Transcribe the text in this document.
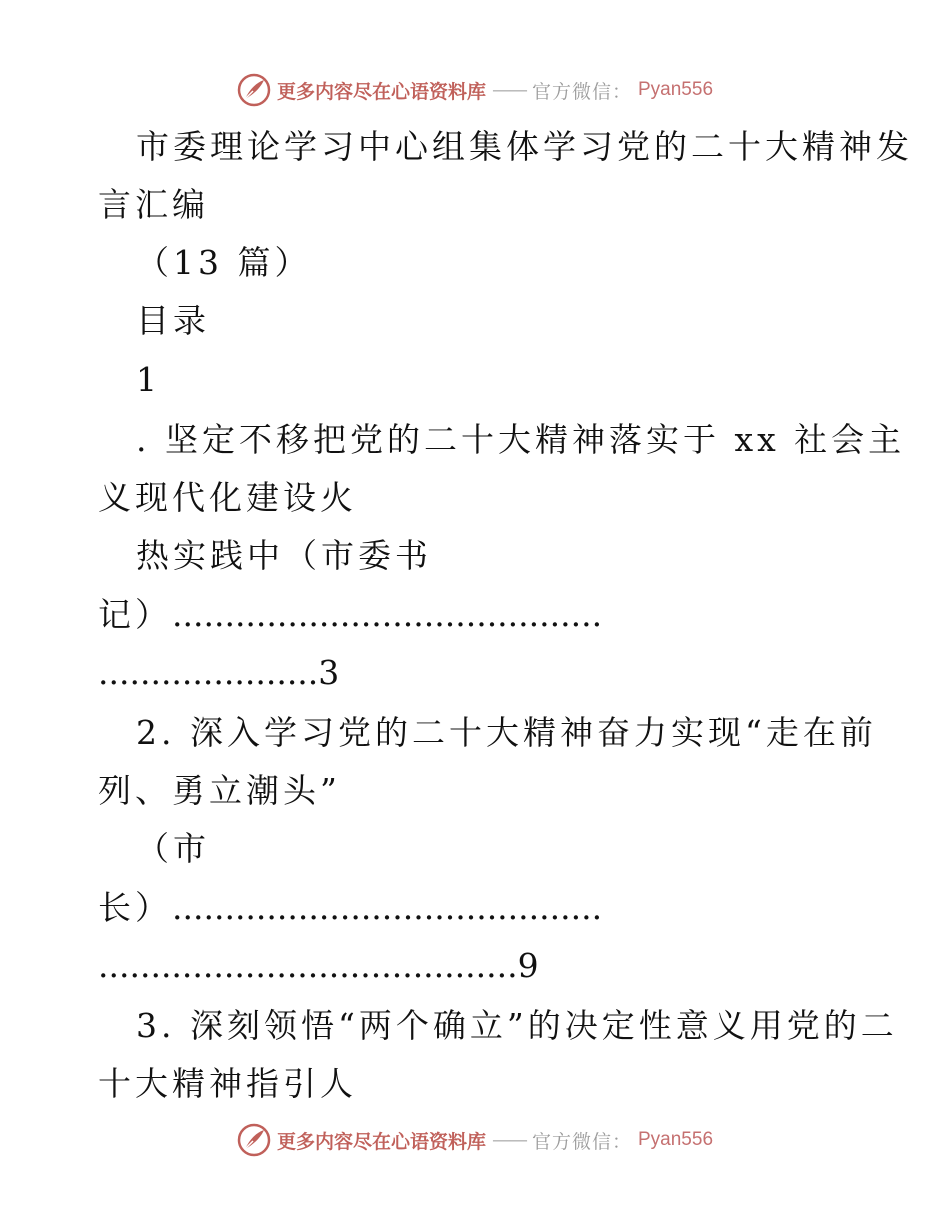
更多内容尽在心语资料库 —— 官方微信： Pyan556
市委理论学习中心组集体学习党的二十大精神发
言汇编
（13 篇）
目录
1
. 坚定不移把党的二十大精神落实于 xx 社会主
义现代化建设火
热实践中（市委书
记）.........................................
.....................3
2. 深入学习党的二十大精神奋力实现“走在前
列、勇立潮头”
（市
长）.........................................
........................................9
3. 深刻领悟“两个确立”的决定性意义用党的二
十大精神指引人
更多内容尽在心语资料库 —— 官方微信： Pyan556
